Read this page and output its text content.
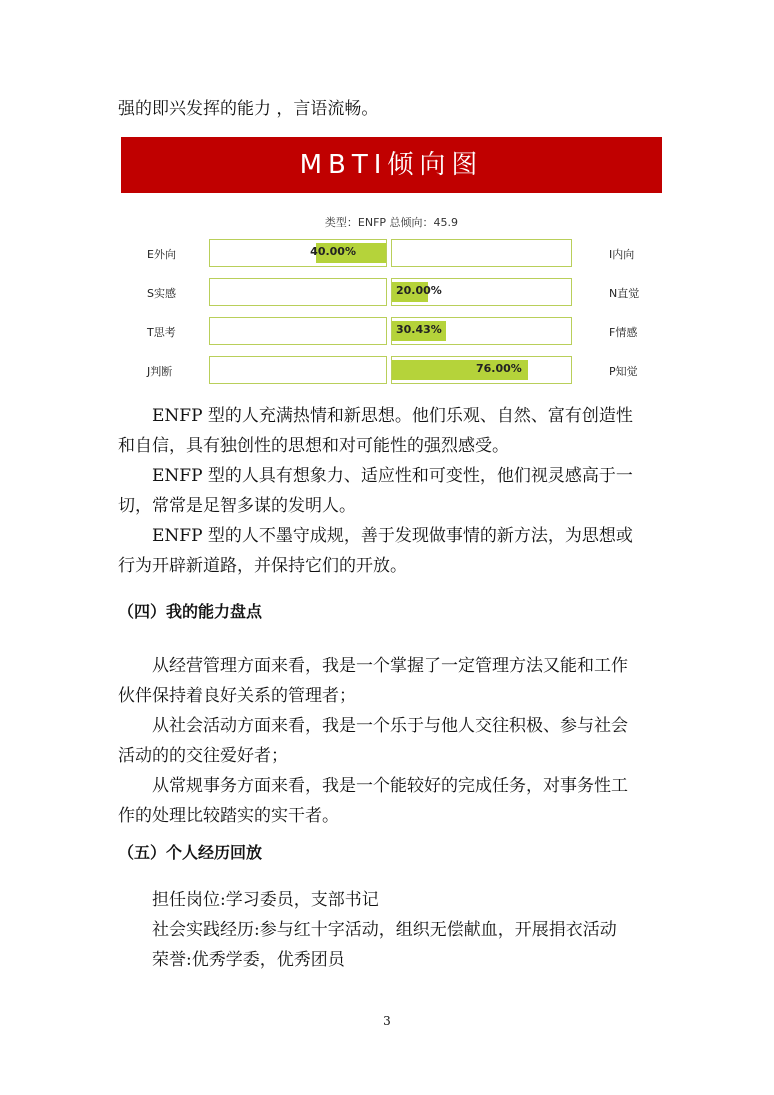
强的即兴发挥的能力 ，言语流畅。
MBTI倾向图
类型：ENFP 总倾向：45.9
E外向	40.00%	I内向
S实感	20.00%	N直觉
T思考	30.43%	F情感
J判断	76.00%	P知觉
ENFP 型的人充满热情和新思想。他们乐观、自然、富有创造性
和自信，具有独创性的思想和对可能性的强烈感受。
ENFP 型的人具有想象力、适应性和可变性，他们视灵感高于一
切，常常是足智多谋的发明人。
ENFP 型的人不墨守成规，善于发现做事情的新方法，为思想或
行为开辟新道路，并保持它们的开放。
（四）我的能力盘点
从经营管理方面来看，我是一个掌握了一定管理方法又能和工作
伙伴保持着良好关系的管理者；
从社会活动方面来看，我是一个乐于与他人交往积极、参与社会
活动的的交往爱好者；
从常规事务方面来看，我是一个能较好的完成任务，对事务性工
作的处理比较踏实的实干者。
（五）个人经历回放
担任岗位:学习委员，支部书记
社会实践经历:参与红十字活动，组织无偿献血，开展捐衣活动
荣誉:优秀学委，优秀团员
3
